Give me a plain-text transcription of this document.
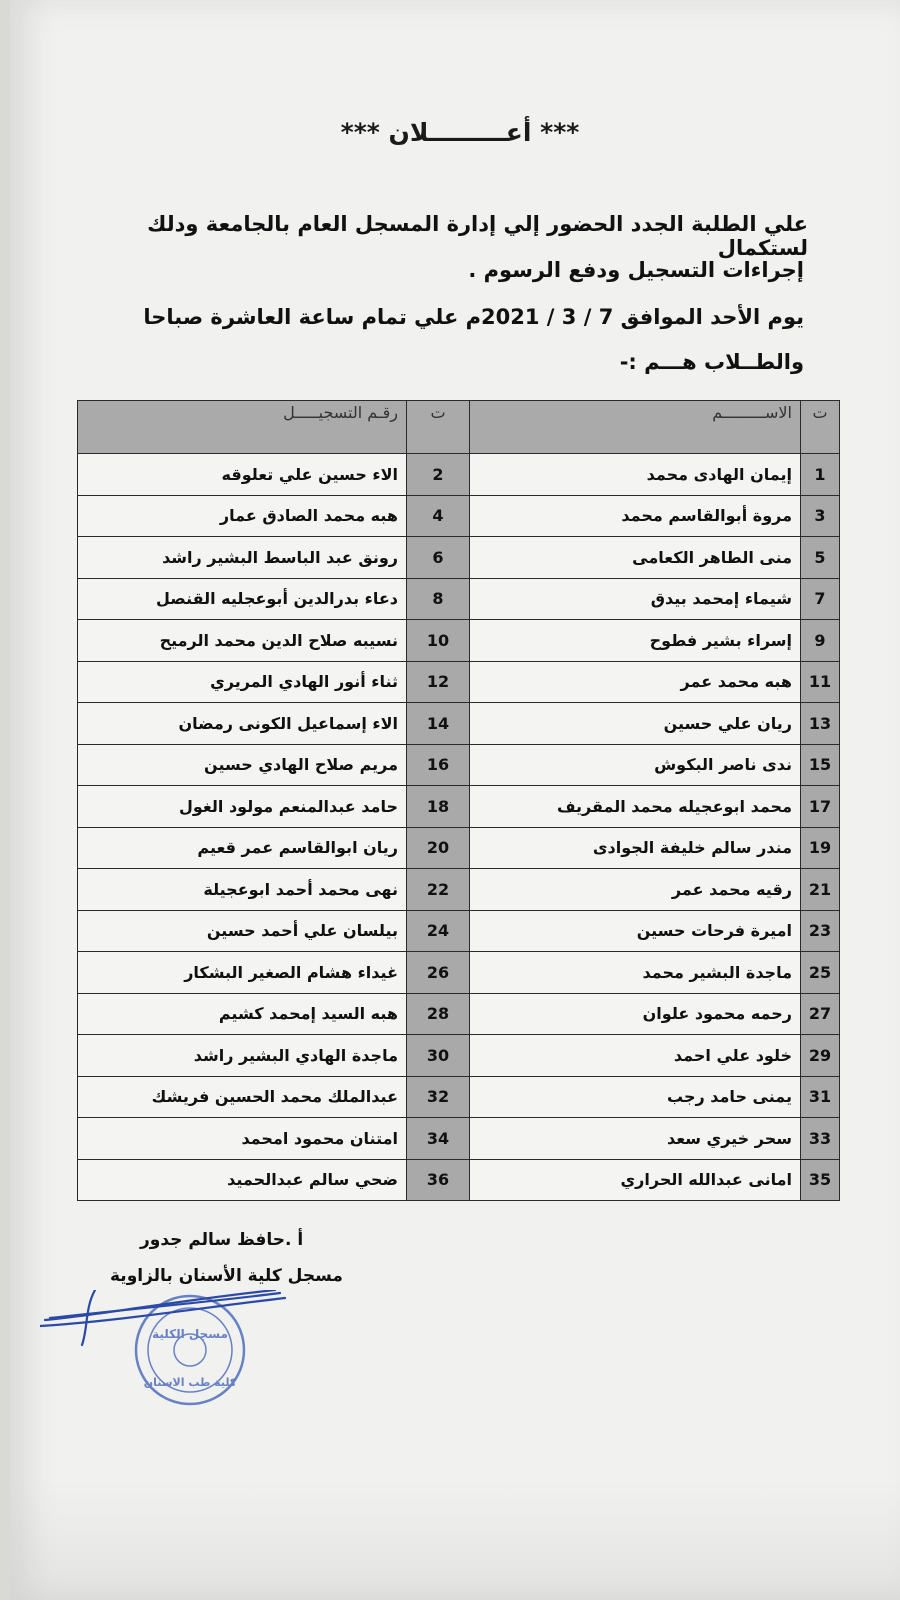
*** أعـــــــــلان ***
علي الطلبة الجدد الحضور إلي إدارة المسجل العام بالجامعة ودلك لستكمال
إجراءات التسجيل ودفع الرسوم .
يوم الأحد الموافق 7 / 3 / 2021م علي تمام ساعة العاشرة صباحا
والطــلاب هـــم :-
ت	الاســـــــــم	ت	رقـم التسجيـــــل
1	إيمان الهادى محمد	2	الاء حسين علي تعلوقه
3	مروة أبوالقاسم محمد	4	هبه محمد الصادق عمار
5	منى الطاهر الكعامى	6	رونق عبد الباسط البشير راشد
7	شيماء إمحمد بيدق	8	دعاء بدرالدين أبوعجليه القنصل
9	إسراء بشير فطوح	10	نسيبه صلاح الدين محمد الرميح
11	هبه محمد عمر	12	ثناء أنور الهادي المريري
13	ريان علي حسين	14	الاء إسماعيل الكونى رمضان
15	ندى ناصر البكوش	16	مريم صلاح الهادي حسين
17	محمد ابوعجيله محمد المقريف	18	حامد عبدالمنعم مولود الغول
19	مندر سالم خليفة الجوادى	20	ريان ابوالقاسم عمر قعيم
21	رقيه محمد عمر	22	نهى محمد أحمد ابوعجيلة
23	اميرة فرحات حسين	24	بيلسان علي أحمد حسين
25	ماجدة البشير محمد	26	غيداء هشام الصغير البشكار
27	رحمه محمود علوان	28	هبه السيد إمحمد كشيم
29	خلود علي احمد	30	ماجدة الهادي البشير راشد
31	يمنى حامد رجب	32	عبدالملك محمد الحسين فريشك
33	سحر خيري سعد	34	امتنان محمود امحمد
35	امانى عبدالله الحراري	36	ضحي سالم عبدالحميد
أ .حافظ سالم جدور
مسجل كلية الأسنان بالزاوية
مسجل الكلية
كلية طب الاسنان
